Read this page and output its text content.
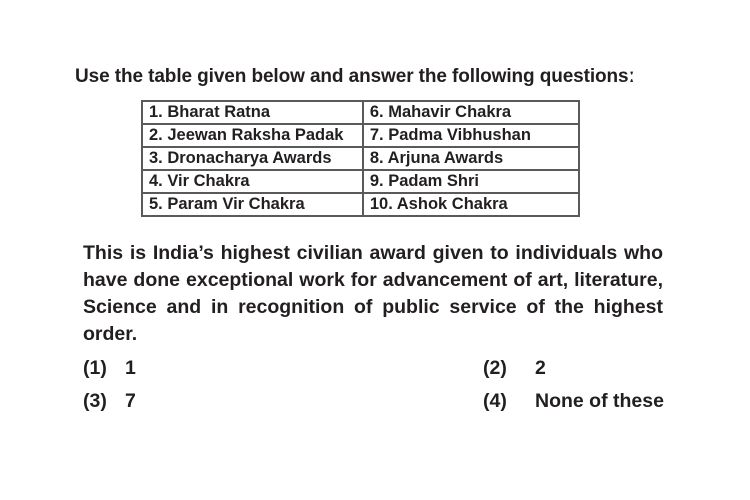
Use the table given below and answer the following questionsː
1. Bharat Ratna	6. Mahavir Chakra
2. Jeewan Raksha Padak	7. Padma Vibhushan
3. Dronacharya Awards	8. Arjuna Awards
4. Vir Chakra	9. Padam Shri
5. Param Vir Chakra	10. Ashok Chakra
This is India’s highest civilian award given to individuals who have done exceptional work for advancement of art, literature, Science and in recognition of public service of the highest order.
(1) 1	(2) 2
(3) 7	(4) None of these
